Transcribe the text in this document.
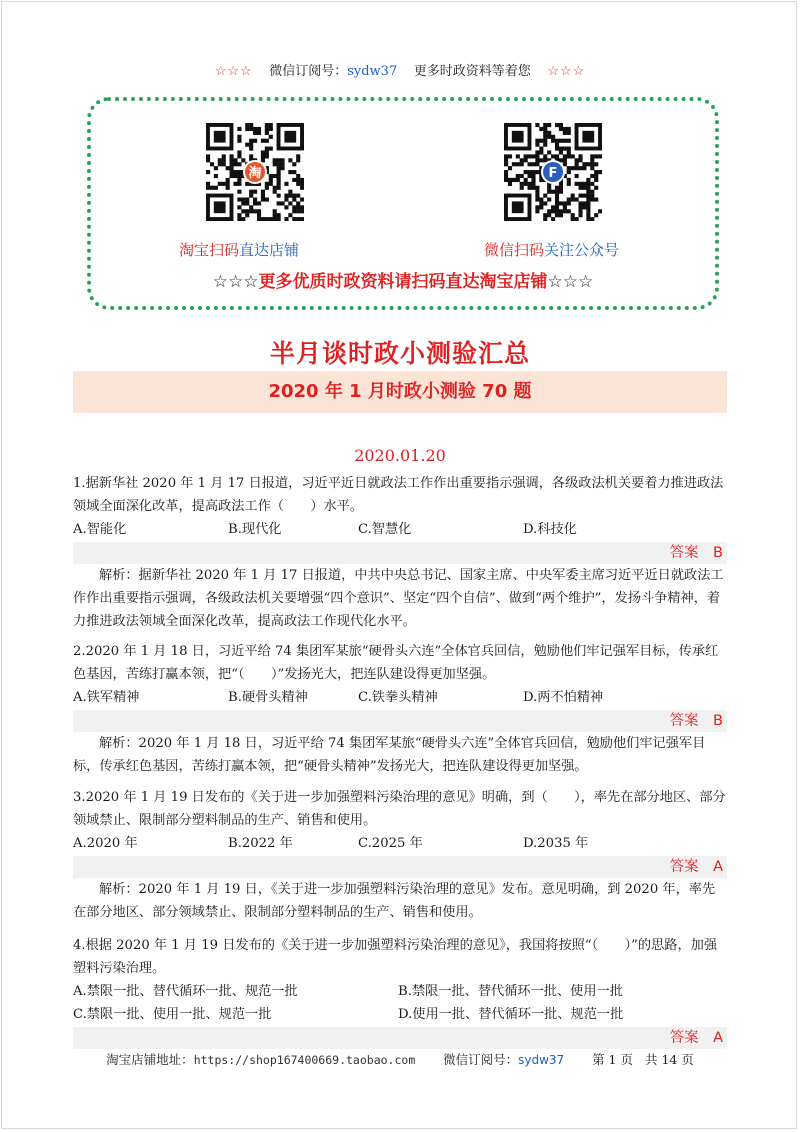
☆☆☆ 微信订阅号：sydw37 更多时政资料等着您 ☆☆☆
淘	F
淘宝扫码直达店铺	微信扫码关注公众号
☆☆☆更多优质时政资料请扫码直达淘宝店铺☆☆☆
半月谈时政小测验汇总
2020 年 1 月时政小测验 70 题
2020.01.20
1.据新华社 2020 年 1 月 17 日报道，习近平近日就政法工作作出重要指示强调，各级政法机关要着力推进政法领域全面深化改革，提高政法工作（　　）水平。
A.智能化	B.现代化	C.智慧化	D.科技化
答案　B
解析：据新华社 2020 年 1 月 17 日报道，中共中央总书记、国家主席、中央军委主席习近平近日就政法工作作出重要指示强调，各级政法机关要增强“四个意识”、坚定“四个自信”、做到“两个维护”，发扬斗争精神，着力推进政法领域全面深化改革，提高政法工作现代化水平。
2.2020 年 1 月 18 日，习近平给 74 集团军某旅“硬骨头六连”全体官兵回信，勉励他们牢记强军目标，传承红色基因，苦练打赢本领，把“（　　）”发扬光大，把连队建设得更加坚强。
A.铁军精神	B.硬骨头精神	C.铁拳头精神	D.两不怕精神
答案　B
解析：2020 年 1 月 18 日，习近平给 74 集团军某旅“硬骨头六连”全体官兵回信，勉励他们牢记强军目标，传承红色基因，苦练打赢本领，把“硬骨头精神”发扬光大，把连队建设得更加坚强。
3.2020 年 1 月 19 日发布的《关于进一步加强塑料污染治理的意见》明确，到（　　），率先在部分地区、部分领域禁止、限制部分塑料制品的生产、销售和使用。
A.2020 年	B.2022 年	C.2025 年	D.2035 年
答案　A
解析：2020 年 1 月 19 日，《关于进一步加强塑料污染治理的意见》发布。意见明确，到 2020 年，率先在部分地区、部分领域禁止、限制部分塑料制品的生产、销售和使用。
4.根据 2020 年 1 月 19 日发布的《关于进一步加强塑料污染治理的意见》，我国将按照“（　　）”的思路，加强塑料污染治理。
A.禁限一批、替代循环一批、规范一批	B.禁限一批、替代循环一批、使用一批
C.禁限一批、使用一批、规范一批	D.使用一批、替代循环一批、规范一批
答案　A
淘宝店铺地址：https://shop167400669.taobao.com 微信订阅号：sydw37 第 1 页 共 14 页
